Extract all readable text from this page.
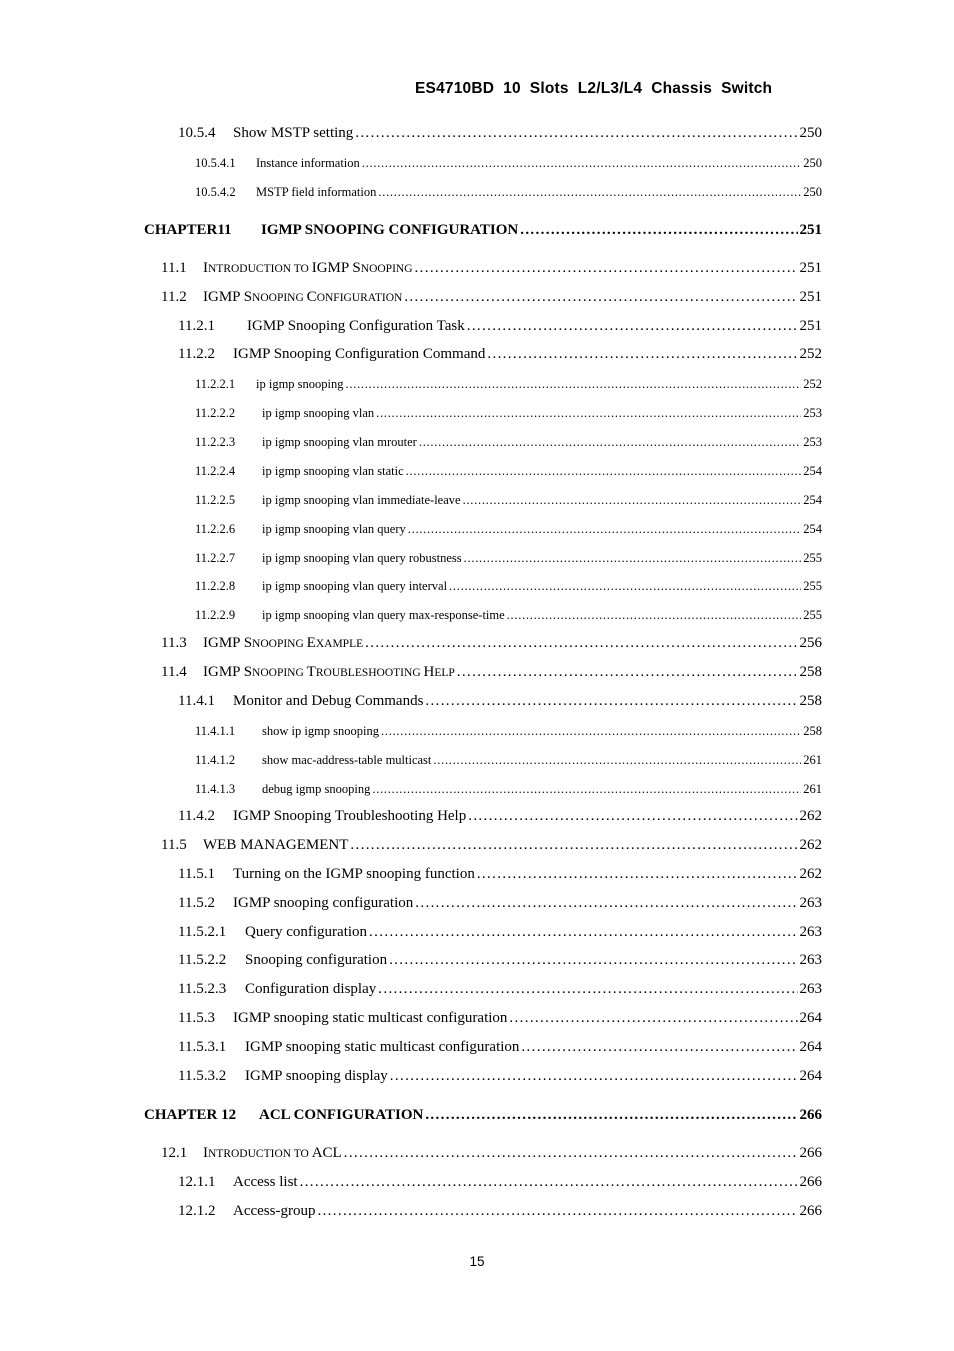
ES4710BD  10  Slots  L2/L3/L4  Chassis  Switch
10.5.4	Show MSTP setting . . .	250
10.5.4.1	Instance information . . .	250
10.5.4.2	MSTP field information . . .	250
CHAPTER11	IGMP SNOOPING CONFIGURATION . . .	251
11.1	INTRODUCTION TO IGMP SNOOPING . . .	251
11.2	IGMP SNOOPING CONFIGURATION . . .	251
11.2.1	IGMP Snooping Configuration Task . . .	251
11.2.2	IGMP Snooping Configuration Command . . .	252
11.2.2.1	ip igmp snooping . . .	252
11.2.2.2	ip igmp snooping vlan . . .	253
11.2.2.3	ip igmp snooping vlan mrouter . . .	253
11.2.2.4	ip igmp snooping vlan static . . .	254
11.2.2.5	ip igmp snooping vlan immediate-leave . . .	254
11.2.2.6	ip igmp snooping vlan query . . .	254
11.2.2.7	ip igmp snooping vlan query robustness . . .	255
11.2.2.8	ip igmp snooping vlan query interval . . .	255
11.2.2.9	ip igmp snooping vlan query max-response-time . . .	255
11.3	IGMP SNOOPING EXAMPLE . . .	256
11.4	IGMP SNOOPING TROUBLESHOOTING HELP . . .	258
11.4.1	Monitor and Debug Commands . . .	258
11.4.1.1	show ip igmp snooping . . .	258
11.4.1.2	show mac-address-table multicast . . .	261
11.4.1.3	debug igmp snooping . . .	261
11.4.2	IGMP Snooping Troubleshooting Help . . .	262
11.5	WEB MANAGEMENT . . .	262
11.5.1	Turning on the IGMP snooping function . . .	262
11.5.2	IGMP snooping configuration . . .	263
11.5.2.1	Query configuration . . .	263
11.5.2.2	Snooping configuration . . .	263
11.5.2.3	Configuration display . . .	263
11.5.3	IGMP snooping static multicast configuration . . .	264
11.5.3.1	IGMP snooping static multicast configuration . . .	264
11.5.3.2	IGMP snooping display . . .	264
CHAPTER 12	ACL CONFIGURATION . . .	266
12.1	INTRODUCTION TO ACL . . .	266
12.1.1	Access list . . .	266
12.1.2	Access-group . . .	266
15
